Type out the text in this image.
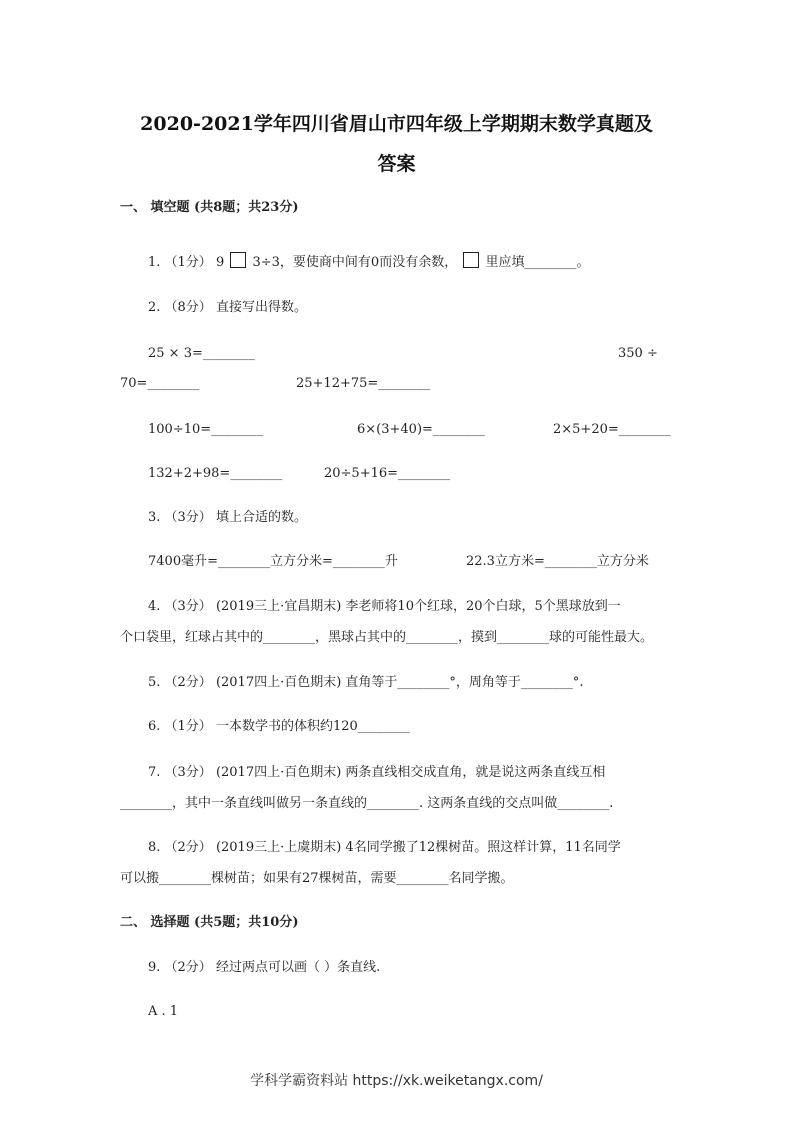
2020-2021学年四川省眉山市四年级上学期期末数学真题及
答案
一、 填空题 (共8题；共23分)
1. （1分） 9 3÷3，要使商中间有0而没有余数， 里应填________。
2. （8分） 直接写出得数。
25 × 3=________	350 ÷
70=________	25+12+75=________
100÷10=________	6×(3+40)=________	2×5+20=________
132+2+98=________	20÷5+16=________
3. （3分） 填上合适的数。
7400毫升=________立方分米=________升	22.3立方米=________立方分米
4. （3分） (2019三上·宜昌期末) 李老师将10个红球，20个白球，5个黑球放到一
个口袋里，红球占其中的________，黑球占其中的________，摸到________球的可能性最大。
5. （2分） (2017四上·百色期末) 直角等于________°，周角等于________°.
6. （1分） 一本数学书的体积约120________
7. （3分） (2017四上·百色期末) 两条直线相交成直角，就是说这两条直线互相
________，其中一条直线叫做另一条直线的________. 这两条直线的交点叫做________.
8. （2分） (2019三上·上虞期末) 4名同学搬了12棵树苗。照这样计算，11名同学
可以搬________棵树苗；如果有27棵树苗，需要________名同学搬。
二、 选择题 (共5题；共10分)
9. （2分） 经过两点可以画（ ）条直线.
A . 1
学科学霸资料站 https://xk.weiketangx.com/
